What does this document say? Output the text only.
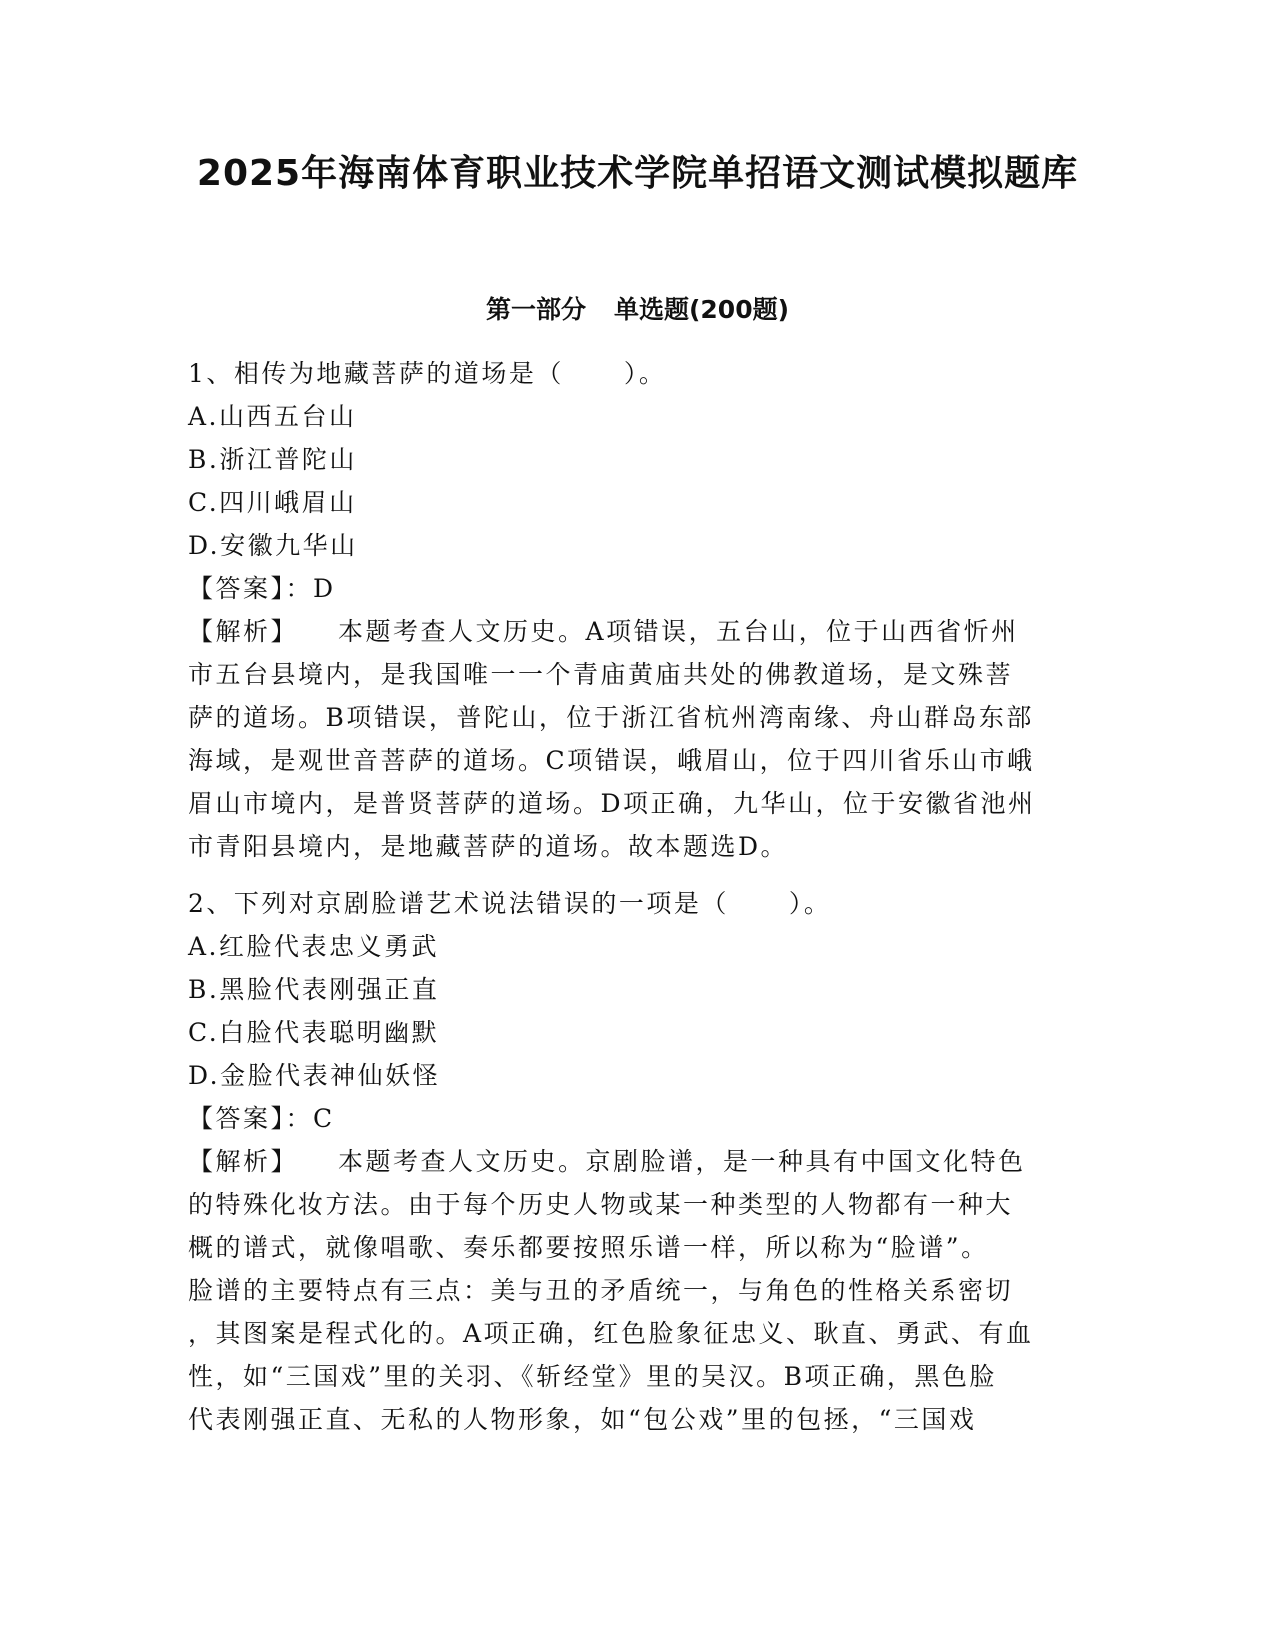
2025年海南体育职业技术学院单招语文测试模拟题库
第一部分 单选题(200题)
1、相传为地藏菩萨的道场是（ ）。
A.山西五台山
B.浙江普陀山
C.四川峨眉山
D.安徽九华山
【答案】：D
【解析】 本题考查人文历史。A项错误，五台山，位于山西省忻州
市五台县境内，是我国唯一一个青庙黄庙共处的佛教道场，是文殊菩
萨的道场。B项错误，普陀山，位于浙江省杭州湾南缘、舟山群岛东部
海域，是观世音菩萨的道场。C项错误，峨眉山，位于四川省乐山市峨
眉山市境内，是普贤菩萨的道场。D项正确，九华山，位于安徽省池州
市青阳县境内，是地藏菩萨的道场。故本题选D。
2、下列对京剧脸谱艺术说法错误的一项是（ ）。
A.红脸代表忠义勇武
B.黑脸代表刚强正直
C.白脸代表聪明幽默
D.金脸代表神仙妖怪
【答案】：C
【解析】 本题考查人文历史。京剧脸谱，是一种具有中国文化特色
的特殊化妆方法。由于每个历史人物或某一种类型的人物都有一种大
概的谱式，就像唱歌、奏乐都要按照乐谱一样，所以称为“脸谱”。
脸谱的主要特点有三点：美与丑的矛盾统一，与角色的性格关系密切
，其图案是程式化的。A项正确，红色脸象征忠义、耿直、勇武、有血
性，如“三国戏”里的关羽、《斩经堂》里的吴汉。B项正确，黑色脸
代表刚强正直、无私的人物形象，如“包公戏”里的包拯，“三国戏
